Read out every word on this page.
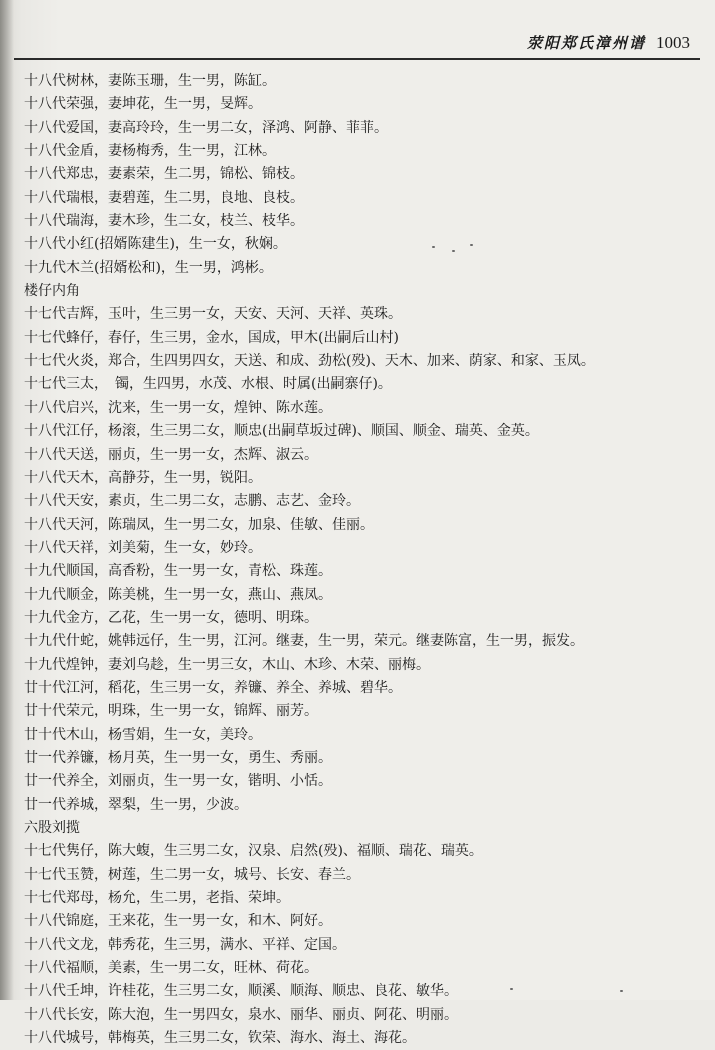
荥阳郑氏漳州谱 1003
十八代树林，妻陈玉珊，生一男，陈缸。
十八代荣强，妻坤花，生一男，旻辉。
十八代爱国，妻高玲玲，生一男二女，泽鸿、阿静、菲菲。
十八代金盾，妻杨梅秀，生一男，江林。
十八代郑忠，妻素荣，生二男，锦松、锦枝。
十八代瑞根，妻碧莲，生二男，良地、良枝。
十八代瑞海，妻木珍，生二女，枝兰、枝华。
十八代小红(招婿陈建生)，生一女，秋娴。
十九代木兰(招婿松和)，生一男，鸿彬。
楼仔内角
十七代吉辉，玉叶，生三男一女，天安、天河、天祥、英珠。
十七代蜂仔，春仔，生三男，金水，国成，甲木(出嗣后山村)
十七代火炎，郑合，生四男四女，天送、和成、劲松(殁)、天木、加来、荫家、和家、玉凤。
十七代三太，　镯，生四男，水茂、水根、时属(出嗣寨仔)。
十八代启兴，沈来，生一男一女，煌钟、陈水莲。
十八代江仔，杨滚，生三男二女，顺忠(出嗣草坂过碑)、顺国、顺金、瑞英、金英。
十八代天送，丽贞，生一男一女，杰辉、淑云。
十八代天木，高静芬，生一男，锐阳。
十八代天安，素贞，生二男二女，志鹏、志艺、金玲。
十八代天河，陈瑞凤，生一男二女，加泉、佳敏、佳丽。
十八代天祥，刘美菊，生一女，妙玲。
十九代顺国，高香粉，生一男一女，青松、珠莲。
十九代顺金，陈美桃，生一男一女，燕山、燕凤。
十九代金方，乙花，生一男一女，德明、明珠。
十九代什蛇，姚韩远仔，生一男，江河。继妻，生一男，荣元。继妻陈富，生一男，振发。
十九代煌钟，妻刘乌趁，生一男三女，木山、木珍、木荣、丽梅。
廿十代江河，稻花，生三男一女，养镰、养全、养城、碧华。
廿十代荣元，明珠，生一男一女，锦辉、丽芳。
廿十代木山，杨雪娟，生一女，美玲。
廿一代养镰，杨月英，生一男一女，勇生、秀丽。
廿一代养全，刘丽贞，生一男一女，锴明、小恬。
廿一代养城，翠梨，生一男，少波。
六股刘揽
十七代隽仔，陈大蝮，生三男二女，汉泉、启然(殁)、福顺、瑞花、瑞英。
十七代玉赞，树莲，生二男一女，城号、长安、春兰。
十七代郑母，杨允，生二男，老指、荣坤。
十八代锦庭，王来花，生一男一女，和木、阿好。
十八代文龙，韩秀花，生三男，满水、平祥、定国。
十八代福顺，美素，生一男二女，旺林、荷花。
十八代壬坤，许桂花，生三男二女，顺溪、顺海、顺忠、良花、敏华。
十八代长安，陈大泡，生一男四女，泉水、丽华、丽贞、阿花、明丽。
十八代城号，韩梅英，生三男二女，钦荣、海水、海土、海花。
